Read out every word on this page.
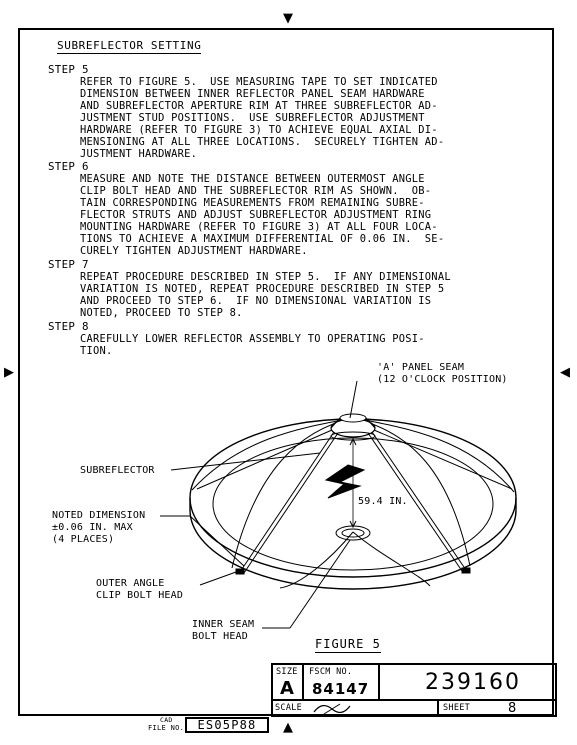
▼
▲
▶	◀
SUBREFLECTOR SETTING
STEP 5
REFER TO FIGURE 5.  USE MEASURING TAPE TO SET INDICATED
DIMENSION BETWEEN INNER REFLECTOR PANEL SEAM HARDWARE
AND SUBREFLECTOR APERTURE RIM AT THREE SUBREFLECTOR AD-
JUSTMENT STUD POSITIONS.  USE SUBREFLECTOR ADJUSTMENT
HARDWARE (REFER TO FIGURE 3) TO ACHIEVE EQUAL AXIAL DI-
MENSIONING AT ALL THREE LOCATIONS.  SECURELY TIGHTEN AD-
JUSTMENT HARDWARE.
STEP 6
MEASURE AND NOTE THE DISTANCE BETWEEN OUTERMOST ANGLE
CLIP BOLT HEAD AND THE SUBREFLECTOR RIM AS SHOWN.  OB-
TAIN CORRESPONDING MEASUREMENTS FROM REMAINING SUBRE-
FLECTOR STRUTS AND ADJUST SUBREFLECTOR ADJUSTMENT RING
MOUNTING HARDWARE (REFER TO FIGURE 3) AT ALL FOUR LOCA-
TIONS TO ACHIEVE A MAXIMUM DIFFERENTIAL OF 0.06 IN.  SE-
CURELY TIGHTEN ADJUSTMENT HARDWARE.
STEP 7
REPEAT PROCEDURE DESCRIBED IN STEP 5.  IF ANY DIMENSIONAL
VARIATION IS NOTED, REPEAT PROCEDURE DESCRIBED IN STEP 5
AND PROCEED TO STEP 6.  IF NO DIMENSIONAL VARIATION IS
NOTED, PROCEED TO STEP 8.
STEP 8
CAREFULLY LOWER REFLECTOR ASSEMBLY TO OPERATING POSI-
TION.
'A' PANEL SEAM
(12 O'CLOCK POSITION)
SUBREFLECTOR
NOTED DIMENSION
±0.06 IN. MAX
(4 PLACES)
OUTER ANGLE
CLIP BOLT HEAD
INNER SEAM
BOLT HEAD
59.4 IN.
FIGURE 5
SIZE
A
FSCM NO.
84147	239160
SCALE	SHEET	8
CAD
FILE NO.	ES05P88
